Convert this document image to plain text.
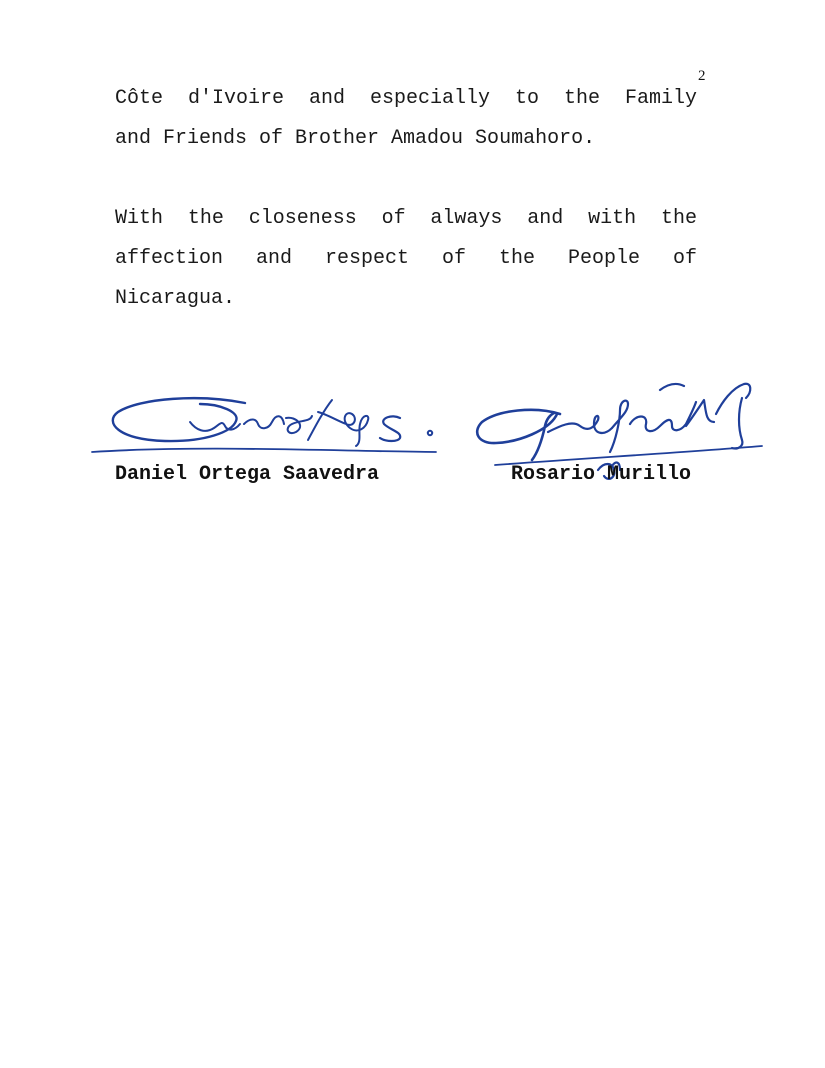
2
Côte d'Ivoire and especially to the Family
and Friends of Brother Amadou Soumahoro.
With the closeness of always and with the
affection and respect of the People of
Nicaragua.
Daniel Ortega Saavedra	Rosario Murillo
